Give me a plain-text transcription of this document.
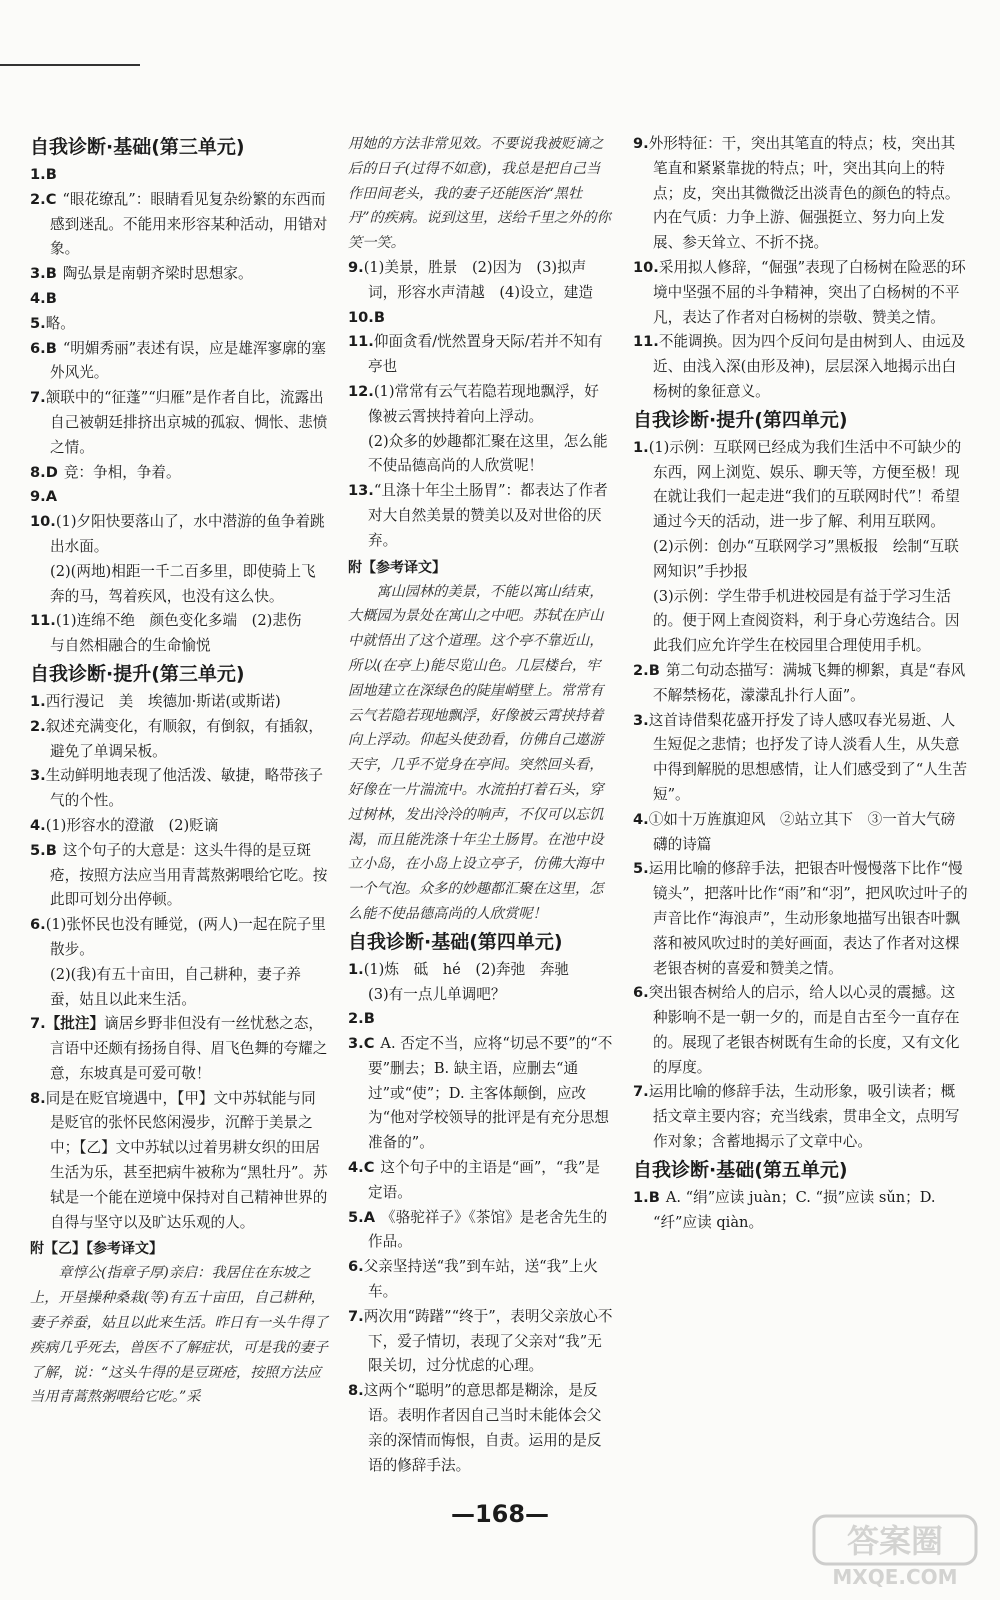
自我诊断·基础(第三单元)

1.B

2.C “眼花缭乱”：眼睛看见复杂纷繁的东西而感到迷乱。不能用来形容某种活动，用错对象。

3.B 陶弘景是南朝齐梁时思想家。

4.B

5.略。

6.B “明媚秀丽”表述有误，应是雄浑寥廓的塞外风光。

7.颔联中的“征蓬”“归雁”是作者自比，流露出自己被朝廷排挤出京城的孤寂、惆怅、悲愤之情。

8.D 竞：争相，争着。

9.A

10.(1)夕阳快要落山了，水中潜游的鱼争着跳出水面。

(2)(两地)相距一千二百多里，即使骑上飞奔的马，驾着疾风，也没有这么快。

11.(1)连绵不绝　颜色变化多端　(2)悲伤　与自然相融合的生命愉悦

自我诊断·提升(第三单元)

1.西行漫记　美　埃德加·斯诺(或斯诺)

2.叙述充满变化，有顺叙，有倒叙，有插叙，避免了单调呆板。

3.生动鲜明地表现了他活泼、敏捷，略带孩子气的个性。

4.(1)形容水的澄澈　(2)贬谪

5.B 这个句子的大意是：这头牛得的是豆斑疮，按照方法应当用青蒿熬粥喂给它吃。按此即可划分出停顿。

6.(1)张怀民也没有睡觉，(两人)一起在院子里散步。

(2)(我)有五十亩田，自己耕种，妻子养蚕，姑且以此来生活。

7.【批注】谪居乡野非但没有一丝忧愁之态，言语中还颇有扬扬自得、眉飞色舞的夸耀之意，东坡真是可爱可敬！

8.同是在贬官境遇中，【甲】文中苏轼能与同是贬官的张怀民悠闲漫步，沉醉于美景之中；【乙】文中苏轼以过着男耕女织的田居生活为乐，甚至把病牛被称为“黑牡丹”。苏轼是一个能在逆境中保持对自己精神世界的自得与坚守以及旷达乐观的人。

附【乙】【参考译文】

章惇公(指章子厚)亲启：我居住在东坡之上，开垦操种桑栽(等)有五十亩田，自己耕种，妻子养蚕，姑且以此来生活。昨日有一头牛得了疾病几乎死去，兽医不了解症状，可是我的妻子了解，说：“这头牛得的是豆斑疮，按照方法应当用青蒿熬粥喂给它吃。”采

用她的方法非常见效。不要说我被贬谪之后的日子(过得不如意)，我总是把自己当作田间老头，我的妻子还能医治“黑牡丹”的疾病。说到这里，送给千里之外的你笑一笑。

9.(1)美景，胜景　(2)因为　(3)拟声词，形容水声清越　(4)设立，建造

10.B

11.仰面贪看/恍然置身天际/若并不知有亭也

12.(1)常常有云气若隐若现地飘浮，好像被云霄挟持着向上浮动。

(2)众多的妙趣都汇聚在这里，怎么能不使品德高尚的人欣赏呢！

13.“且涤十年尘土肠胃”：都表达了作者对大自然美景的赞美以及对世俗的厌弃。

附【参考译文】

寓山园林的美景，不能以寓山结束，大概园为景处在寓山之中吧。苏轼在庐山中就悟出了这个道理。这个亭不靠近山，所以(在亭上)能尽览山色。几层楼台，牢固地建立在深绿色的陡崖峭壁上。常常有云气若隐若现地飘浮，好像被云霄挟持着向上浮动。仰起头使劲看，仿佛自己遨游天宇，几乎不觉身在亭间。突然回头看，好像在一片湍流中。水流拍打着石头，穿过树林，发出泠泠的响声，不仅可以忘饥渴，而且能洗涤十年尘土肠胃。在池中设立小岛，在小岛上设立亭子，仿佛大海中一个气泡。众多的妙趣都汇聚在这里，怎么能不使品德高尚的人欣赏呢！

自我诊断·基础(第四单元)

1.(1)炼　砥　hé　(2)奔弛　奔驰

(3)有一点儿单调吧？

2.B

3.C A. 否定不当，应将“切忌不要”的“不要”删去；B. 缺主语，应删去“通过”或“使”；D. 主客体颠倒，应改为“他对学校领导的批评是有充分思想准备的”。

4.C 这个句子中的主语是“画”，“我”是定语。

5.A 《骆驼祥子》《茶馆》是老舍先生的作品。

6.父亲坚持送“我”到车站，送“我”上火车。

7.两次用“踌躇”“终于”，表明父亲放心不下，爱子情切，表现了父亲对“我”无限关切，过分忧虑的心理。

8.这两个“聪明”的意思都是糊涂，是反语。表明作者因自己当时未能体会父亲的深情而悔恨，自责。运用的是反语的修辞手法。

9.外形特征：干，突出其笔直的特点；枝，突出其笔直和紧紧靠拢的特点；叶，突出其向上的特点；皮，突出其微微泛出淡青色的颜色的特点。

内在气质：力争上游、倔强挺立、努力向上发展、参天耸立、不折不挠。

10.采用拟人修辞，“倔强”表现了白杨树在险恶的环境中坚强不屈的斗争精神，突出了白杨树的不平凡，表达了作者对白杨树的崇敬、赞美之情。

11.不能调换。因为四个反问句是由树到人、由远及近、由浅入深(由形及神)，层层深入地揭示出白杨树的象征意义。

自我诊断·提升(第四单元)

1.(1)示例：互联网已经成为我们生活中不可缺少的东西，网上浏览、娱乐、聊天等，方便至极！现在就让我们一起走进“我们的互联网时代”！希望通过今天的活动，进一步了解、利用互联网。

(2)示例：创办“互联网学习”黑板报　绘制“互联网知识”手抄报

(3)示例：学生带手机进校园是有益于学习生活的。便于网上查阅资料，利于身心劳逸结合。因此我们应允许学生在校园里合理使用手机。

2.B 第二句动态描写：满城飞舞的柳絮，真是“春风不解禁杨花，濛濛乱扑行人面”。

3.这首诗借梨花盛开抒发了诗人感叹春光易逝、人生短促之悲情；也抒发了诗人淡看人生，从失意中得到解脱的思想感情，让人们感受到了“人生苦短”。

4.①如十万旌旗迎风　②站立其下　③一首大气磅礴的诗篇

5.运用比喻的修辞手法，把银杏叶慢慢落下比作“慢镜头”，把落叶比作“雨”和“羽”，把风吹过叶子的声音比作“海浪声”，生动形象地描写出银杏叶飘落和被风吹过时的美好画面，表达了作者对这棵老银杏树的喜爱和赞美之情。

6.突出银杏树给人的启示，给人以心灵的震撼。这种影响不是一朝一夕的，而是自古至今一直存在的。展现了老银杏树既有生命的长度，又有文化的厚度。

7.运用比喻的修辞手法，生动形象，吸引读者；概括文章主要内容；充当线索，贯串全文，点明写作对象；含蓄地揭示了文章中心。

自我诊断·基础(第五单元)

1.B A. “绢”应读 juàn；C. “损”应读 sǔn；D. “纤”应读 qiàn。

—168—
答案圈
MXQE.COM
